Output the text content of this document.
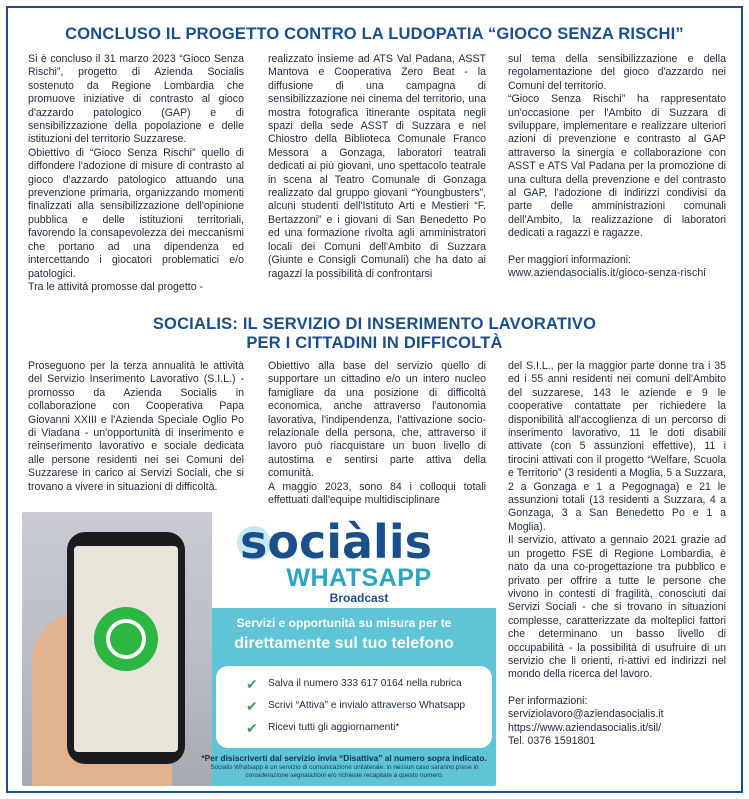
CONCLUSO IL PROGETTO CONTRO LA LUDOPATIA “GIOCO SENZA RISCHI”

Si è concluso il 31 marzo 2023 “Gioco Senza Rischi”, progetto di Azienda Socialis sostenuto da Regione Lombardia che promuove iniziative di contrasto al gioco d'azzardo patologico (GAP) e di sensibilizzazione della popolazione e delle istituzioni del territorio Suzzarese.

Obiettivo di “Gioco Senza Rischi” quello di diffondere l'adozione di misure di contrasto al gioco d'azzardo patologico attuando una prevenzione primaria, organizzando momenti finalizzati alla sensibilizzazione dell'opinione pubblica e delle istituzioni territoriali, favorendo la consapevolezza dei meccanismi che portano ad una dipendenza ed intercettando i giocatori problematici e/o patologici.

Tra le attività promosse dal progetto -

realizzato insieme ad ATS Val Padana, ASST Mantova e Cooperativa Zero Beat - la diffusione di una campagna di sensibilizzazione nei cinema del territorio, una mostra fotografica itinerante ospitata negli spazi della sede ASST di Suzzara e nel Chiostro della Biblioteca Comunale Franco Messora a Gonzaga, laboratori teatrali dedicati ai più giovani, uno spettacolo teatrale in scena al Teatro Comunale di Gonzaga realizzato dal gruppo giovani “Youngbusters”, alcuni studenti dell'Istituto Arti e Mestieri “F. Bertazzoni” e i giovani di San Benedetto Po ed una formazione rivolta agli amministratori locali dei Comuni dell'Ambito di Suzzara (Giunte e Consigli Comunali) che ha dato ai ragazzi la possibilità di confrontarsi

sul tema della sensibilizzazione e della regolamentazione del gioco d'azzardo nei Comuni del territorio.

“Gioco Senza Rischi” ha rappresentato un'occasione per l'Ambito di Suzzara di sviluppare, implementare e realizzare ulteriori azioni di prevenzione e contrasto al GAP attraverso la sinergia e collaborazione con ASST e ATS Val Padana per la promozione di una cultura della prevenzione e del contrasto al GAP, l'adozione di indirizzi condivisi da parte delle amministrazioni comunali dell'Ambito, la realizzazione di laboratori dedicati a ragazzi e ragazze.

Per maggiori informazioni:

www.aziendasocialis.it/gioco-senza-rischi

SOCIALIS: IL SERVIZIO DI INSERIMENTO LAVORATIVO
PER I CITTADINI IN DIFFICOLTÀ

Proseguono per la terza annualità le attività del Servizio Inserimento Lavorativo (S.I.L.) - promosso da Azienda Socialis in collaborazione con Cooperativa Papa Giovanni XXIII e l'Azienda Speciale Oglio Po di Viadana - un'opportunità di inserimento e reinserimento lavorativo e sociale dedicata alle persone residenti nei sei Comuni del Suzzarese in carico ai Servizi Sociali, che si trovano a vivere in situazioni di difficoltà.

Obiettivo alla base del servizio quello di supportare un cittadino e/o un intero nucleo famigliare da una posizione di difficoltà economica, anche attraverso l'autonomia lavorativa, l'indipendenza, l'attivazione socio-relazionale della persona, che, attraverso il lavoro può riacquistare un buon livello di autostima e sentirsi parte attiva della comunità.

A maggio 2023, sono 84 i colloqui totali effettuati dall'equipe multidisciplinare

del S.I.L., per la maggior parte donne tra i 35 ed i 55 anni residenti nei comuni dell'Ambito del suzzarese, 143 le aziende e 9 le cooperative contattate per richiedere la disponibilità all'accoglienza di un percorso di inserimento lavorativo, 11 le doti disabili attivate (con 5 assunzioni effettive), 11 i tirocini attivati con il progetto “Welfare, Scuola e Territorio” (3 residenti a Moglia, 5 a Suzzara, 2 a Gonzaga e 1 a Pegognaga) e 21 le assunzioni totali (13 residenti a Suzzara, 4 a Gonzaga, 3 a San Benedetto Po e 1 a Moglia).

Il servizio, attivato a gennaio 2021 grazie ad un progetto FSE di Regione Lombardia, è nato da una co-progettazione tra pubblico e privato per offrire a tutte le persone che vivono in contesti di fragilità, conosciuti dai Servizi Sociali - che si trovano in situazioni complesse, caratterizzate da molteplici fattori che determinano un basso livello di occupabilità - la possibilità di usufruire di un servizio che li orienti, ri-attivi ed indirizzi nel mondo della ricerca del lavoro.

Per informazioni:

serviziolavoro@aziendasocialis.it

https://www.aziendasocialis.it/sil/

Tel. 0376 1591801

sociàlis
WHATSAPP
Broadcast
Servizi e opportunità su misura per te
direttamente sul tuo telefono
✔ Salva il numero 333 617 0164 nella rubrica
✔ Scrivi “Attiva” e invialo attraverso Whatsapp
✔ Ricevi tutti gli aggiornamenti*
*Per disiscriverti dal servizio invia “Disattiva” al numero sopra indicato.
Socialis Whatsapp è un servizio di comunicazione unilaterale: in nessun caso saranno prese in considerazione segnalazioni e/o richieste recapitate a questo numero.
